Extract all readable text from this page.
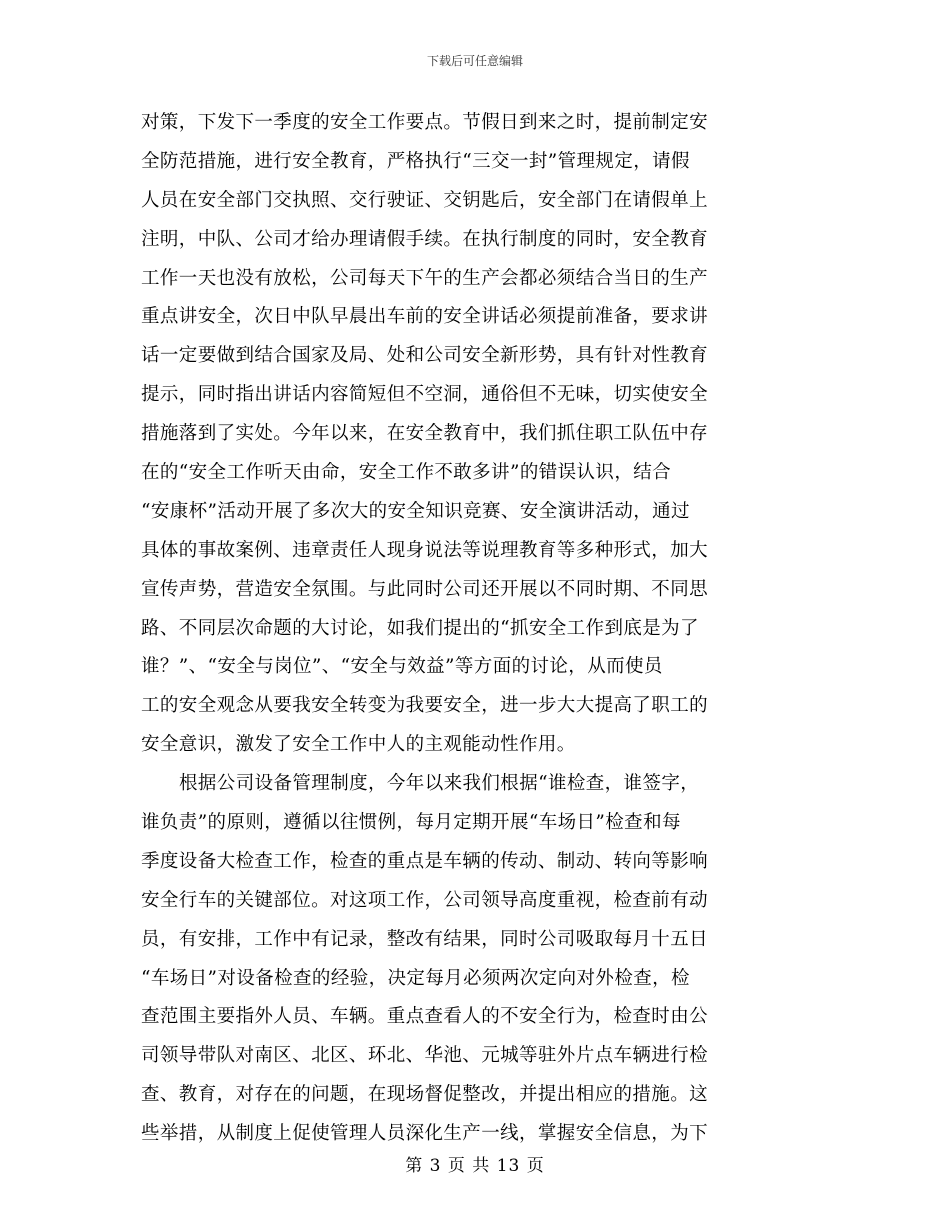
下载后可任意编辑
对策，下发下一季度的安全工作要点。节假日到来之时，提前制定安
全防范措施，进行安全教育，严格执行“三交一封”管理规定，请假
人员在安全部门交执照、交行驶证、交钥匙后，安全部门在请假单上
注明，中队、公司才给办理请假手续。在执行制度的同时，安全教育
工作一天也没有放松，公司每天下午的生产会都必须结合当日的生产
重点讲安全，次日中队早晨出车前的安全讲话必须提前准备，要求讲
话一定要做到结合国家及局、处和公司安全新形势，具有针对性教育
提示，同时指出讲话内容简短但不空洞，通俗但不无味，切实使安全
措施落到了实处。今年以来，在安全教育中，我们抓住职工队伍中存
在的“安全工作听天由命，安全工作不敢多讲”的错误认识，结合
“安康杯”活动开展了多次大的安全知识竞赛、安全演讲活动，通过
具体的事故案例、违章责任人现身说法等说理教育等多种形式，加大
宣传声势，营造安全氛围。与此同时公司还开展以不同时期、不同思
路、不同层次命题的大讨论，如我们提出的“抓安全工作到底是为了
谁？”、“安全与岗位”、“安全与效益”等方面的讨论，从而使员
工的安全观念从要我安全转变为我要安全，进一步大大提高了职工的
安全意识，激发了安全工作中人的主观能动性作用。
根据公司设备管理制度，今年以来我们根据“谁检查，谁签字，
谁负责”的原则，遵循以往惯例，每月定期开展“车场日”检查和每
季度设备大检查工作，检查的重点是车辆的传动、制动、转向等影响
安全行车的关键部位。对这项工作，公司领导高度重视，检查前有动
员，有安排，工作中有记录，整改有结果，同时公司吸取每月十五日
“车场日”对设备检查的经验，决定每月必须两次定向对外检查，检
查范围主要指外人员、车辆。重点查看人的不安全行为，检查时由公
司领导带队对南区、北区、环北、华池、元城等驻外片点车辆进行检
查、教育，对存在的问题，在现场督促整改，并提出相应的措施。这
些举措，从制度上促使管理人员深化生产一线，掌握安全信息，为下
第 3 页 共 13 页
